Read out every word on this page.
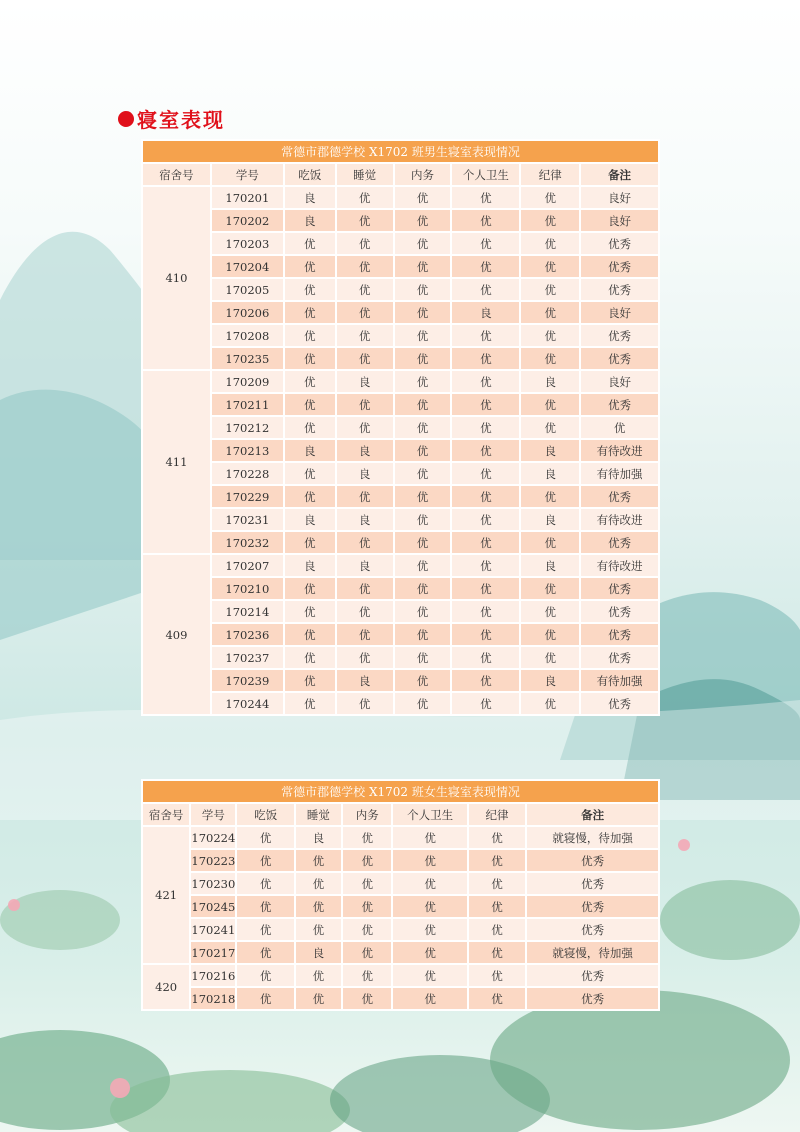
寝室表现
常德市郡德学校 X1702 班男生寝室表现情况							
宿舍号	学号	吃饭	睡觉	内务	个人卫生	纪律	备注
410	170201	良	优	优	优	优	良好
	170202	良	优	优	优	优	良好
	170203	优	优	优	优	优	优秀
	170204	优	优	优	优	优	优秀
	170205	优	优	优	优	优	优秀
	170206	优	优	优	良	优	良好
	170208	优	优	优	优	优	优秀
	170235	优	优	优	优	优	优秀
411	170209	优	良	优	优	良	良好
	170211	优	优	优	优	优	优秀
	170212	优	优	优	优	优	优
	170213	良	良	优	优	良	有待改进
	170228	优	良	优	优	良	有待加强
	170229	优	优	优	优	优	优秀
	170231	良	良	优	优	良	有待改进
	170232	优	优	优	优	优	优秀
409	170207	良	良	优	优	良	有待改进
	170210	优	优	优	优	优	优秀
	170214	优	优	优	优	优	优秀
	170236	优	优	优	优	优	优秀
	170237	优	优	优	优	优	优秀
	170239	优	良	优	优	良	有待加强
	170244	优	优	优	优	优	优秀
常德市郡德学校 X1702 班女生寝室表现情况							
宿舍号	学号	吃饭	睡觉	内务	个人卫生	纪律	备注
421	170224	优	良	优	优	优	就寝慢，待加强
	170223	优	优	优	优	优	优秀
	170230	优	优	优	优	优	优秀
	170245	优	优	优	优	优	优秀
	170241	优	优	优	优	优	优秀
	170217	优	良	优	优	优	就寝慢，待加强
420	170216	优	优	优	优	优	优秀
	170218	优	优	优	优	优	优秀
